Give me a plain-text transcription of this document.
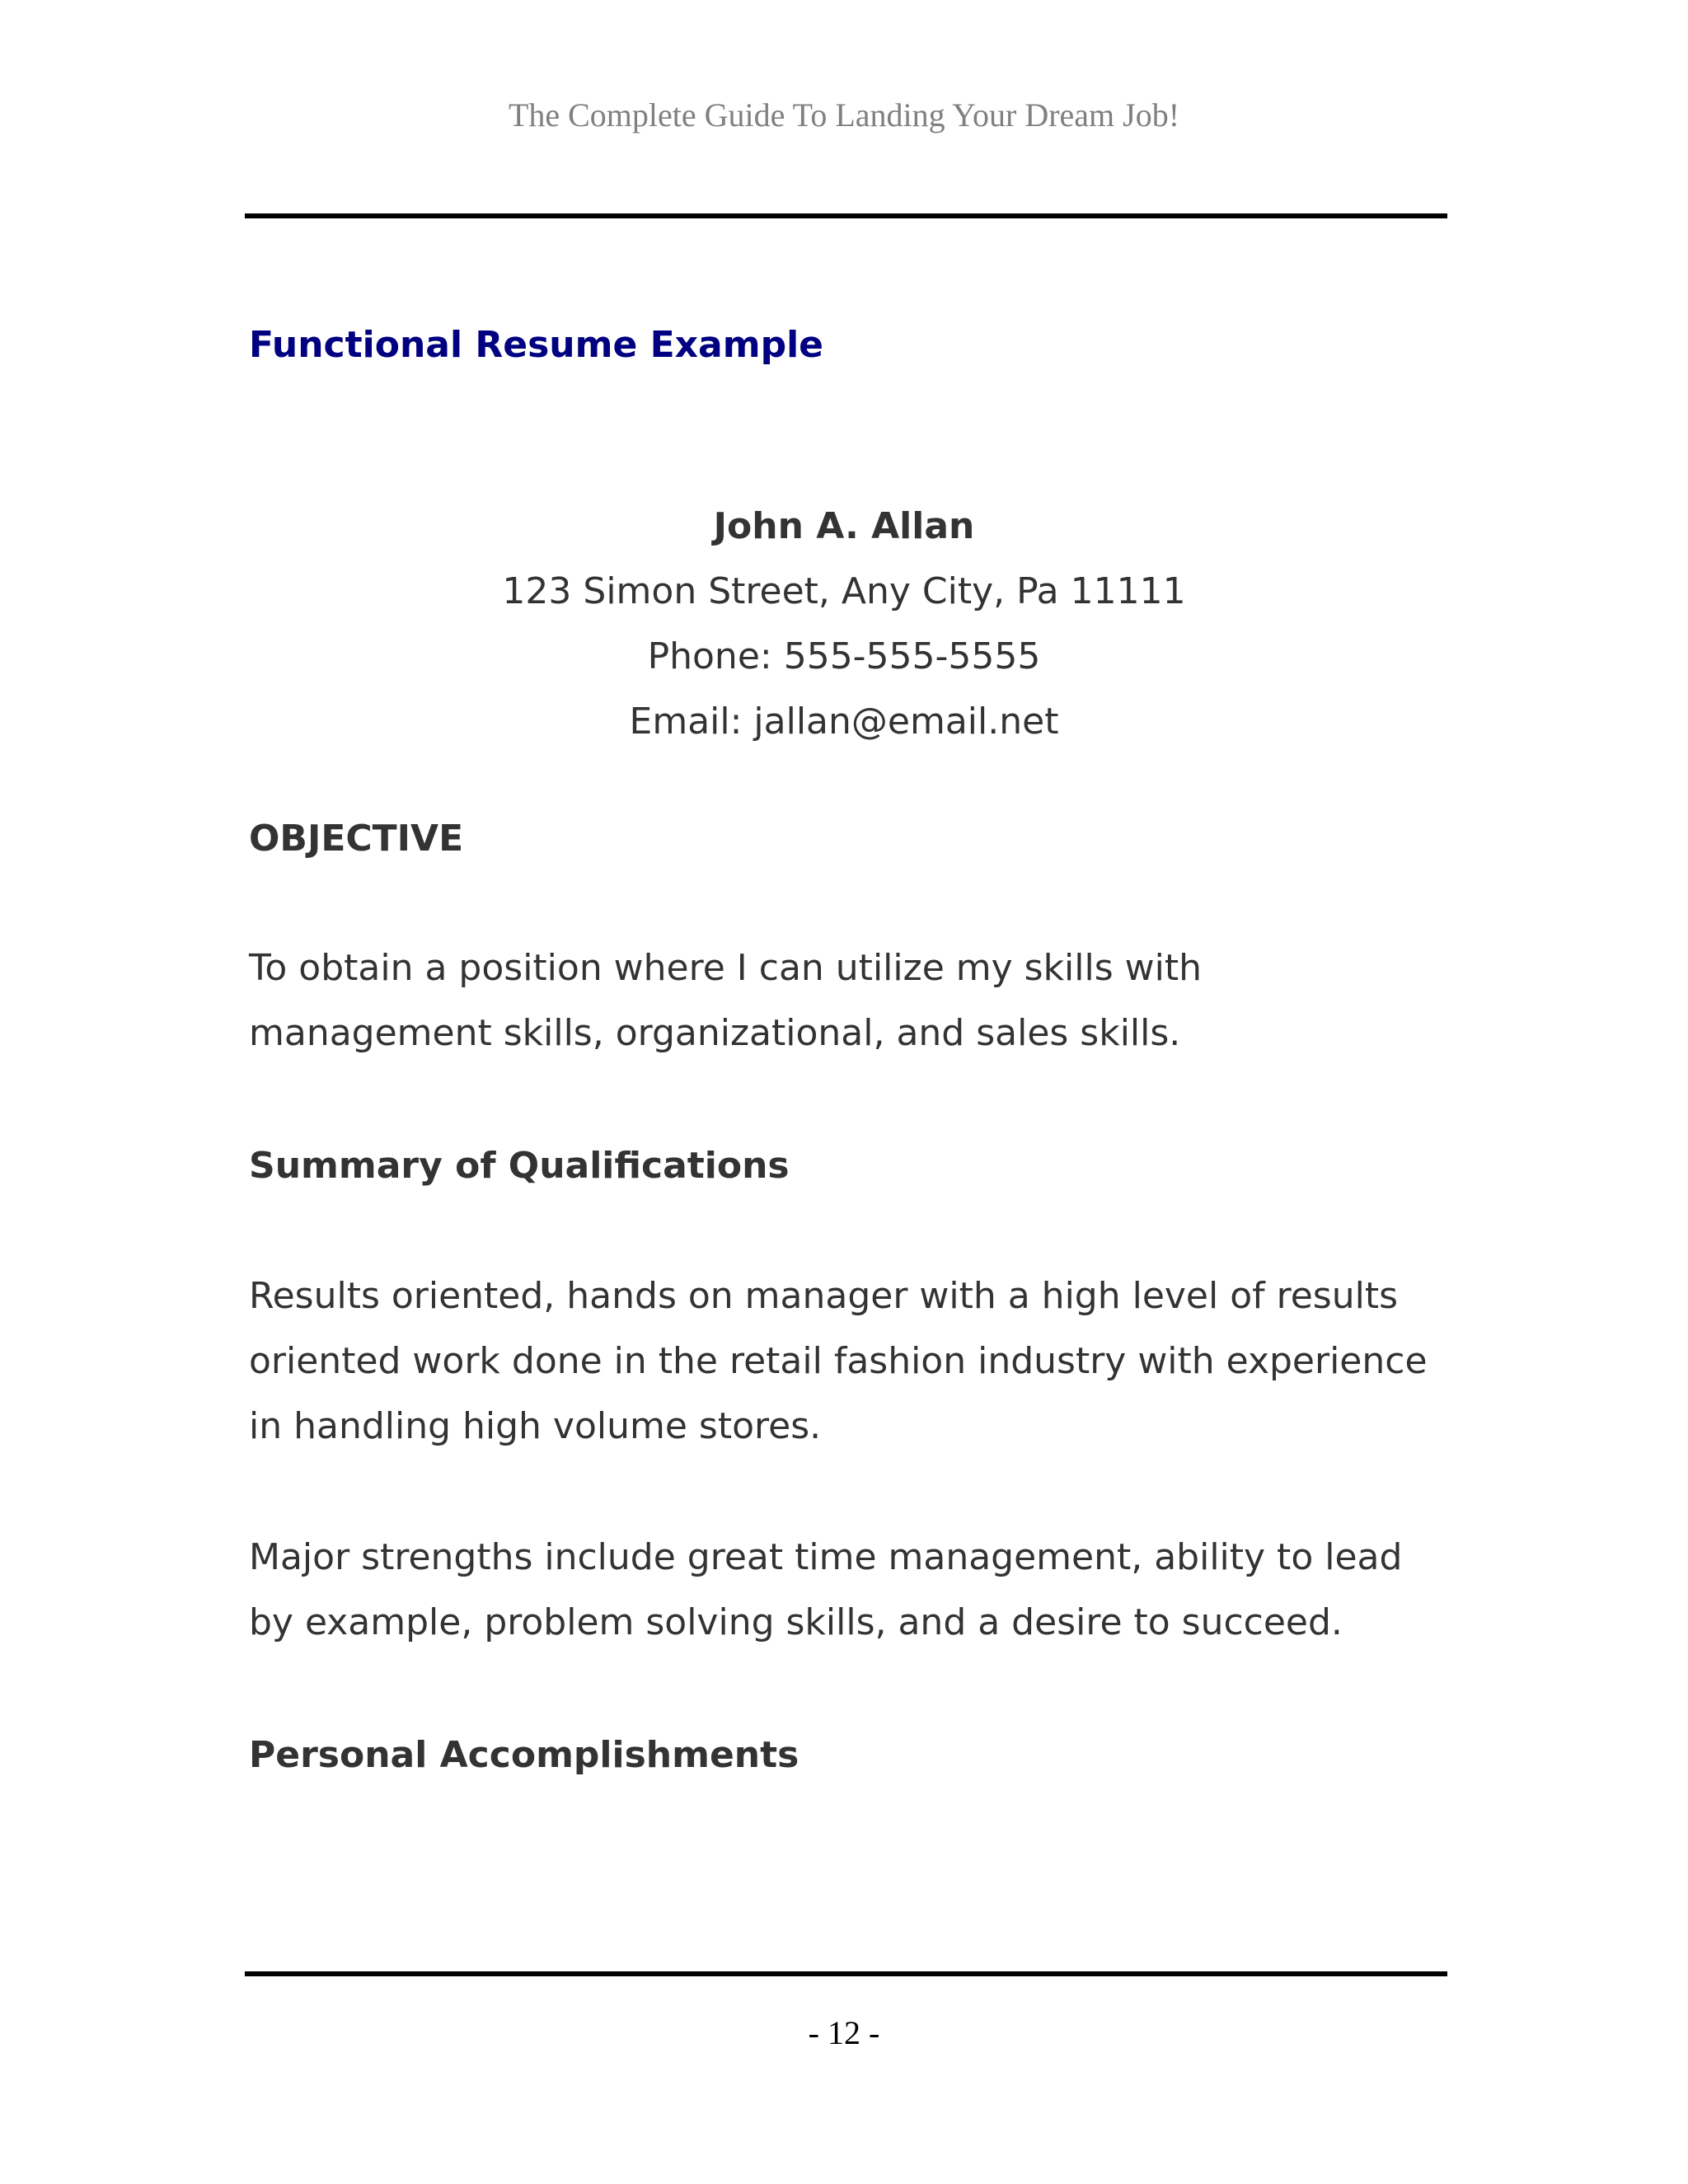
The Complete Guide To Landing Your Dream Job!
Functional Resume Example
John A. Allan
123 Simon Street, Any City, Pa 11111
Phone: 555-555-5555
Email: jallan@email.net
OBJECTIVE

To obtain a position where I can utilize my skills with
management skills, organizational, and sales skills.

Summary of Qualifications

Results oriented, hands on manager with a high level of results
oriented work done in the retail fashion industry with experience
in handling high volume stores.

Major strengths include great time management, ability to lead
by example, problem solving skills, and a desire to succeed.

Personal Accomplishments
- 12 -
